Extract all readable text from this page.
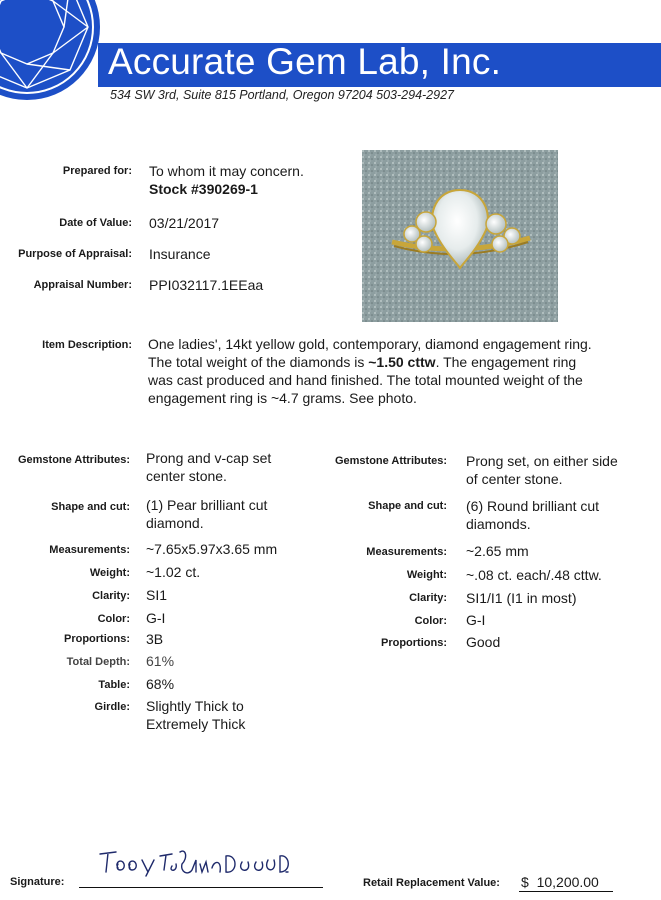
Accurate Gem Lab, Inc.
534 SW 3rd, Suite 815 Portland, Oregon 97204 503-294-2927
Prepared for: To whom it may concern.
Stock #390269-1
Date of Value: 03/21/2017
Purpose of Appraisal: Insurance
Appraisal Number: PPI032117.1EEaa
Item Description: One ladies', 14kt yellow gold, contemporary, diamond engagement ring.
The total weight of the diamonds is ~1.50 cttw. The engagement ring
was cast produced and hand finished. The total mounted weight of the
engagement ring is ~4.7 grams. See photo.
Gemstone Attributes: Prong and v-cap set
center stone.
Shape and cut: (1) Pear brilliant cut
diamond.
Measurements: ~7.65x5.97x3.65 mm
Weight: ~1.02 ct.
Clarity: SI1
Color: G-I
Proportions: 3B
Total Depth: 61%
Table: 68%
Girdle: Slightly Thick to
Extremely Thick
Gemstone Attributes: Prong set, on either side
of center stone.
Shape and cut: (6) Round brilliant cut
diamonds.
Measurements: ~2.65 mm
Weight: ~.08 ct. each/.48 cttw.
Clarity: SI1/I1 (I1 in most)
Color: G-I
Proportions: Good
Signature:	Retail Replacement Value: $  10,200.00
